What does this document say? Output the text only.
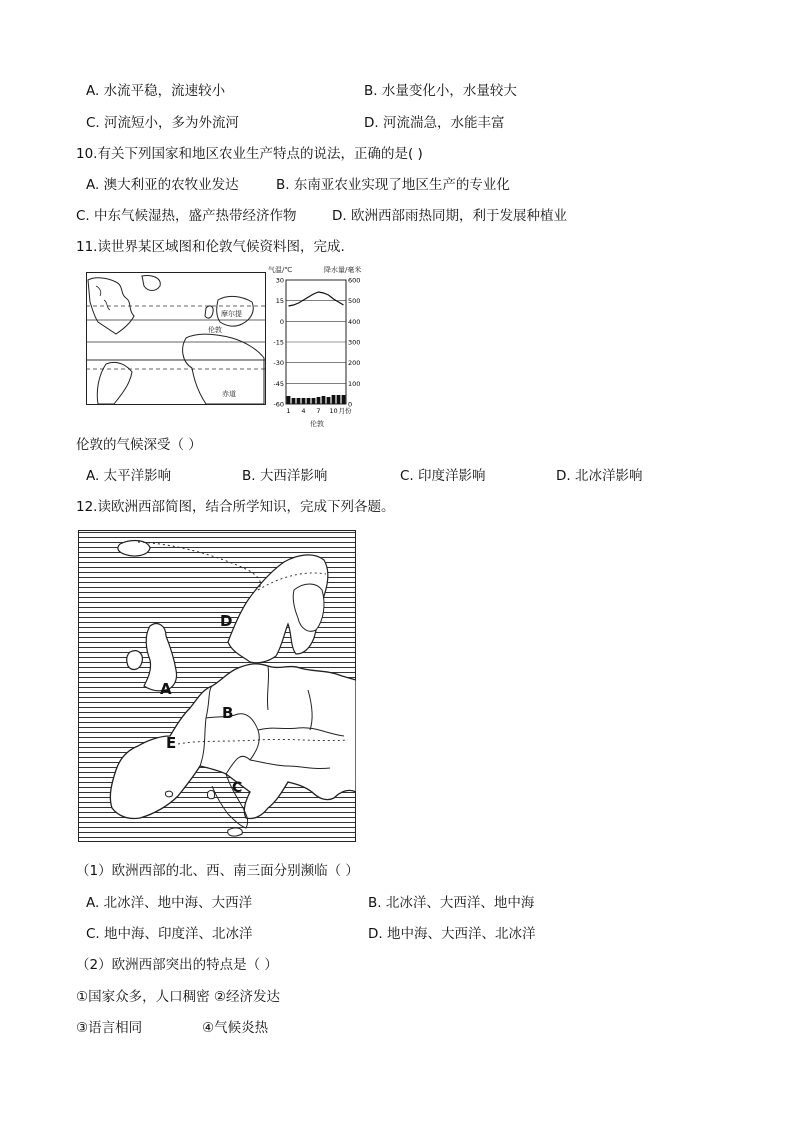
A. 水流平稳，流速较小	B. 水量变化小，水量较大
C. 河流短小，多为外流河	D. 河流湍急，水能丰富
10.有关下列国家和地区农业生产特点的说法，正确的是( )
A. 澳大利亚的农牧业发达	B. 东南亚农业实现了地区生产的专业化
C. 中东气候湿热，盛产热带经济作物	D. 欧洲西部雨热同期，利于发展种植业
11.读世界某区域图和伦敦气候资料图，完成.
摩尔提
伦敦
赤道
气温/℃	降水量/毫米
30
15
0
-15
-30
-45
-60
600
500
400
300
200
100
0
1 4 7 10 月份
伦敦
伦敦的气候深受（ ）
A. 太平洋影响	B. 大西洋影响	C. 印度洋影响	D. 北冰洋影响
12.读欧洲西部简图，结合所学知识，完成下列各题。
A
B
C
D
E
（1）欧洲西部的北、西、南三面分别濒临（ ）
A. 北冰洋、地中海、大西洋	B. 北冰洋、大西洋、地中海
C. 地中海、印度洋、北冰洋	D. 地中海、大西洋、北冰洋
（2）欧洲西部突出的特点是（ ）
①国家众多，人口稠密 ②经济发达
③语言相同	④气候炎热
